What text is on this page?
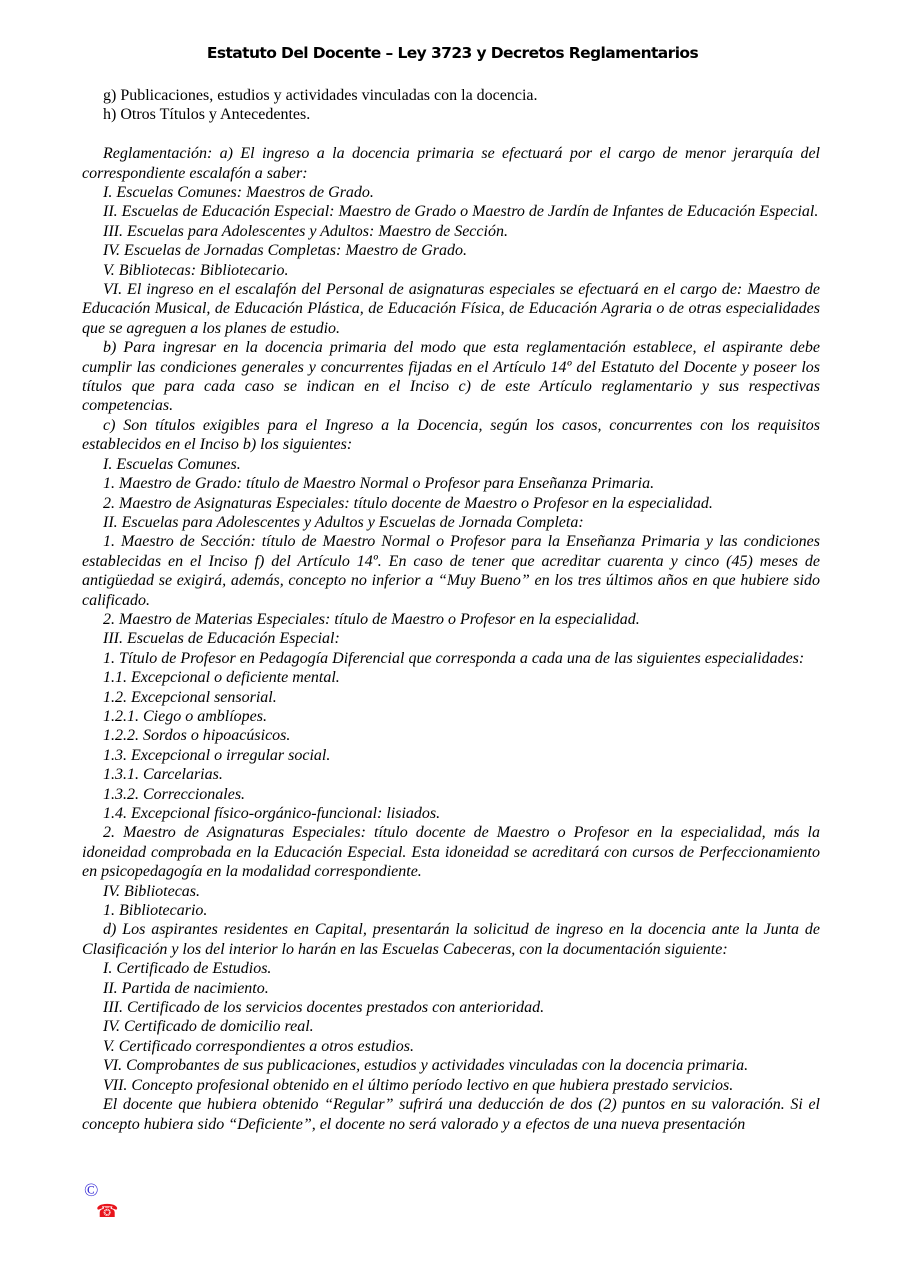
Estatuto Del Docente – Ley 3723 y Decretos Reglamentarios

g) Publicaciones, estudios y actividades vinculadas con la docencia.

h) Otros Títulos y Antecedentes.

Reglamentación: a) El ingreso a la docencia primaria se efectuará por el cargo de menor jerarquía del correspondiente escalafón a saber:

I. Escuelas Comunes: Maestros de Grado.

II. Escuelas de Educación Especial: Maestro de Grado o Maestro de Jardín de Infantes de Educación Especial.

III. Escuelas para Adolescentes y Adultos: Maestro de Sección.

IV. Escuelas de Jornadas Completas: Maestro de Grado.

V. Bibliotecas: Bibliotecario.

VI. El ingreso en el escalafón del Personal de asignaturas especiales se efectuará en el cargo de: Maestro de Educación Musical, de Educación Plástica, de Educación Física, de Educación Agraria o de otras especialidades que se agreguen a los planes de estudio.

b) Para ingresar en la docencia primaria del modo que esta reglamentación establece, el aspirante debe cumplir las condiciones generales y concurrentes fijadas en el Artículo 14º del Estatuto del Docente y poseer los títulos que para cada caso se indican en el Inciso c) de este Artículo reglamentario y sus respectivas competencias.

c) Son títulos exigibles para el Ingreso a la Docencia, según los casos, concurrentes con los requisitos establecidos en el Inciso b) los siguientes:

I. Escuelas Comunes.

1. Maestro de Grado: título de Maestro Normal o Profesor para Enseñanza Primaria.

2. Maestro de Asignaturas Especiales: título docente de Maestro o Profesor en la especialidad.

II. Escuelas para Adolescentes y Adultos y Escuelas de Jornada Completa:

1. Maestro de Sección: título de Maestro Normal o Profesor para la Enseñanza Primaria y las condiciones establecidas en el Inciso f) del Artículo 14º. En caso de tener que acreditar cuarenta y cinco (45) meses de antigüedad se exigirá, además, concepto no inferior a “Muy Bueno” en los tres últimos años en que hubiere sido calificado.

2. Maestro de Materias Especiales: título de Maestro o Profesor en la especialidad.

III. Escuelas de Educación Especial:

1. Título de Profesor en Pedagogía Diferencial que corresponda a cada una de las siguientes especialidades:

1.1. Excepcional o deficiente mental.

1.2. Excepcional sensorial.

1.2.1. Ciego o amblíopes.

1.2.2. Sordos o hipoacúsicos.

1.3. Excepcional o irregular social.

1.3.1. Carcelarias.

1.3.2. Correccionales.

1.4. Excepcional físico-orgánico-funcional: lisiados.

2. Maestro de Asignaturas Especiales: título docente de Maestro o Profesor en la especialidad, más la idoneidad comprobada en la Educación Especial. Esta idoneidad se acreditará con cursos de Perfeccionamiento en psicopedagogía en la modalidad correspondiente.

IV. Bibliotecas.

1. Bibliotecario.

d) Los aspirantes residentes en Capital, presentarán la solicitud de ingreso en la docencia ante la Junta de Clasificación y los del interior lo harán en las Escuelas Cabeceras, con la documentación siguiente:

I. Certificado de Estudios.

II. Partida de nacimiento.

III. Certificado de los servicios docentes prestados con anterioridad.

IV. Certificado de domicilio real.

V. Certificado correspondientes a otros estudios.

VI. Comprobantes de sus publicaciones, estudios y actividades vinculadas con la docencia primaria.

VII. Concepto profesional obtenido en el último período lectivo en que hubiera prestado servicios.

El docente que hubiera obtenido “Regular” sufrirá una deducción de dos (2) puntos en su valoración. Si el concepto hubiera sido “Deficiente”, el docente no será valorado y a efectos de una nueva presentación

©
☎
